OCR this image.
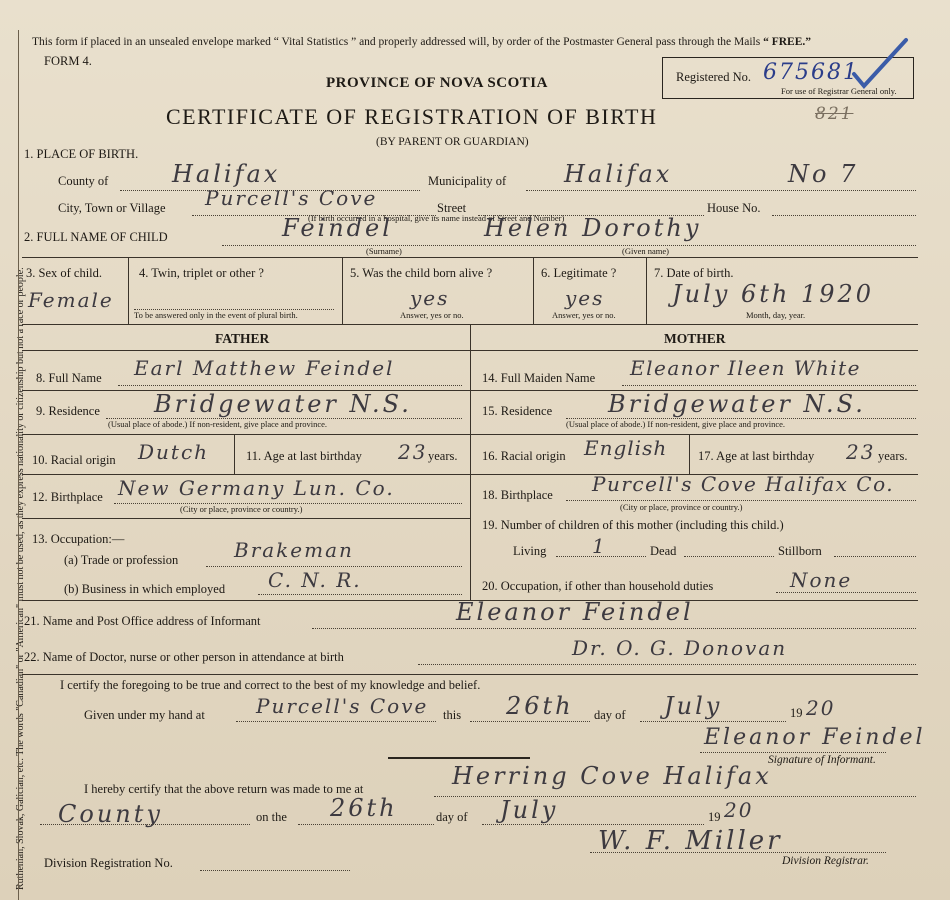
Ruthenian, Slovak, Galician, etc. The words "Canadian" or "American" must not be used, as they express nationality or citizenship but not a race or people.
This form if placed in an unsealed envelope marked “ Vital Statistics ” and properly addressed will, by order of the Postmaster General pass through the Mails “ FREE.”
FORM 4.
PROVINCE OF NOVA SCOTIA
CERTIFICATE OF REGISTRATION OF BIRTH
(BY PARENT OR GUARDIAN)
821
Registered No. 675681
For use of Registrar General only.
1. PLACE OF BIRTH.
County of	Halifax	Municipality of Halifax	No 7
City, Town or Village Purcell's Cove	Street	House No.
(If birth occurred in a hospital, give its name instead of Street and Number)
2. FULL NAME OF CHILD	Feindel	Helen Dorothy
(Surname)	(Given name)
3. Sex of child.
Female
4. Twin, triplet or other ?
To be answered only in the event of plural birth.
5. Was the child born alive ?
yes
Answer, yes or no.
6. Legitimate ?
yes
Answer, yes or no.
7. Date of birth.
July 6th 1920
Month, day, year.
FATHER	MOTHER
8. Full Name Earl Matthew Feindel
9. Residence Bridgewater N.S.
(Usual place of abode.) If non-resident, give place and province.
10. Racial origin Dutch	11. Age at last birthday 23 years.
12. Birthplace New Germany Lun. Co.
(City or place, province or country.)
13. Occupation:—
(a) Trade or profession	Brakeman
(b) Business in which employed C. N. R.
14. Full Maiden Name Eleanor Ileen White
15. Residence Bridgewater N.S.
(Usual place of abode.) If non-resident, give place and province.
16. Racial origin English 17. Age at last birthday 23 years.
18. Birthplace Purcell's Cove Halifax Co.
(City or place, province or country.)
19. Number of children of this mother (including this child.)
Living 1	Dead	Stillborn
20. Occupation, if other than household duties	None
21. Name and Post Office address of Informant	Eleanor Feindel
22. Name of Doctor, nurse or other person in attendance at birth	Dr. O. G. Donovan
I certify the foregoing to be true and correct to the best of my knowledge and belief.
Given under my hand at	Purcell's Cove this 26th day of July	19 20
Eleanor Feindel
Signature of Informant.
I hereby certify that the above return was made to me at	Herring Cove Halifax
County	on the 26th	day of July	19 20
W. F. Miller
Division Registration No.	Division Registrar.
